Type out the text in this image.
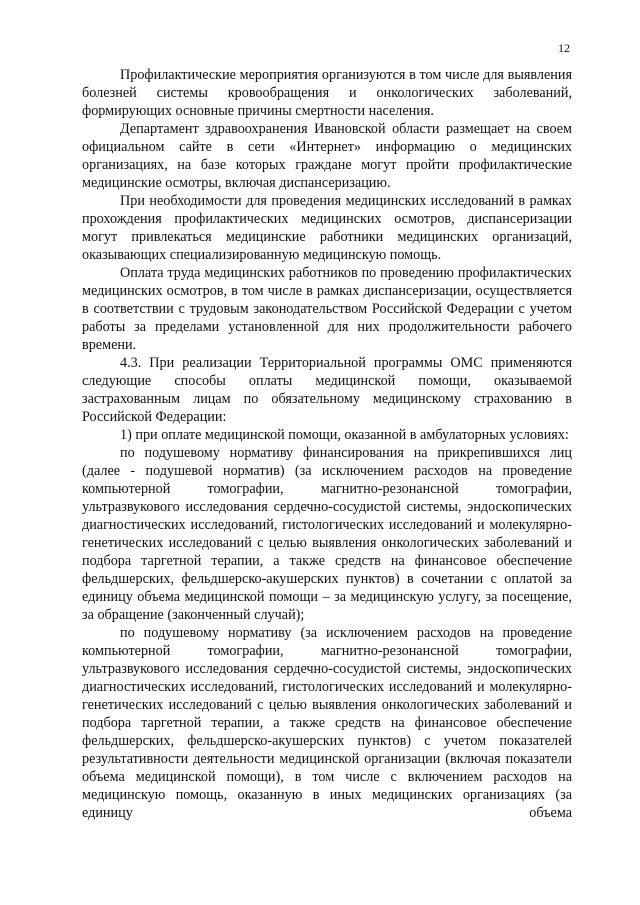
12

Профилактические мероприятия организуются в том числе для выявления болезней системы кровообращения и онкологических заболеваний, формирующих основные причины смертности населения.

Департамент здравоохранения Ивановской области размещает на своем официальном сайте в сети «Интернет» информацию о медицинских организациях, на базе которых граждане могут пройти профилактические медицинские осмотры, включая диспансеризацию.

При необходимости для проведения медицинских исследований в рамках прохождения профилактических медицинских осмотров, диспансеризации могут привлекаться медицинские работники медицинских организаций, оказывающих специализированную медицинскую помощь.

Оплата труда медицинских работников по проведению профилактических медицинских осмотров, в том числе в рамках диспансеризации, осуществляется в соответствии с трудовым законодательством Российской Федерации с учетом работы за пределами установленной для них продолжительности рабочего времени.

4.3. При реализации Территориальной программы ОМС применяются следующие способы оплаты медицинской помощи, оказываемой застрахованным лицам по обязательному медицинскому страхованию в Российской Федерации:

1) при оплате медицинской помощи, оказанной в амбулаторных условиях:

по подушевому нормативу финансирования на прикрепившихся лиц (далее - подушевой норматив) (за исключением расходов на проведение компьютерной томографии, магнитно-резонансной томографии, ультразвукового исследования сердечно-сосудистой системы, эндоскопических диагностических исследований, гистологических исследований и молекулярно-генетических исследований с целью выявления онкологических заболеваний и подбора таргетной терапии, а также средств на финансовое обеспечение фельдшерских, фельдшерско-акушерских пунктов) в сочетании с оплатой за единицу объема медицинской помощи – за медицинскую услугу, за посещение, за обращение (законченный случай);

по подушевому нормативу (за исключением расходов на проведение компьютерной томографии, магнитно-резонансной томографии, ультразвукового исследования сердечно-сосудистой системы, эндоскопических диагностических исследований, гистологических исследований и молекулярно-генетических исследований с целью выявления онкологических заболеваний и подбора таргетной терапии, а также средств на финансовое обеспечение фельдшерских, фельдшерско-акушерских пунктов) с учетом показателей результативности деятельности медицинской организации (включая показатели объема медицинской помощи), в том числе с включением расходов на медицинскую помощь, оказанную в иных медицинских организациях (за единицу объема
